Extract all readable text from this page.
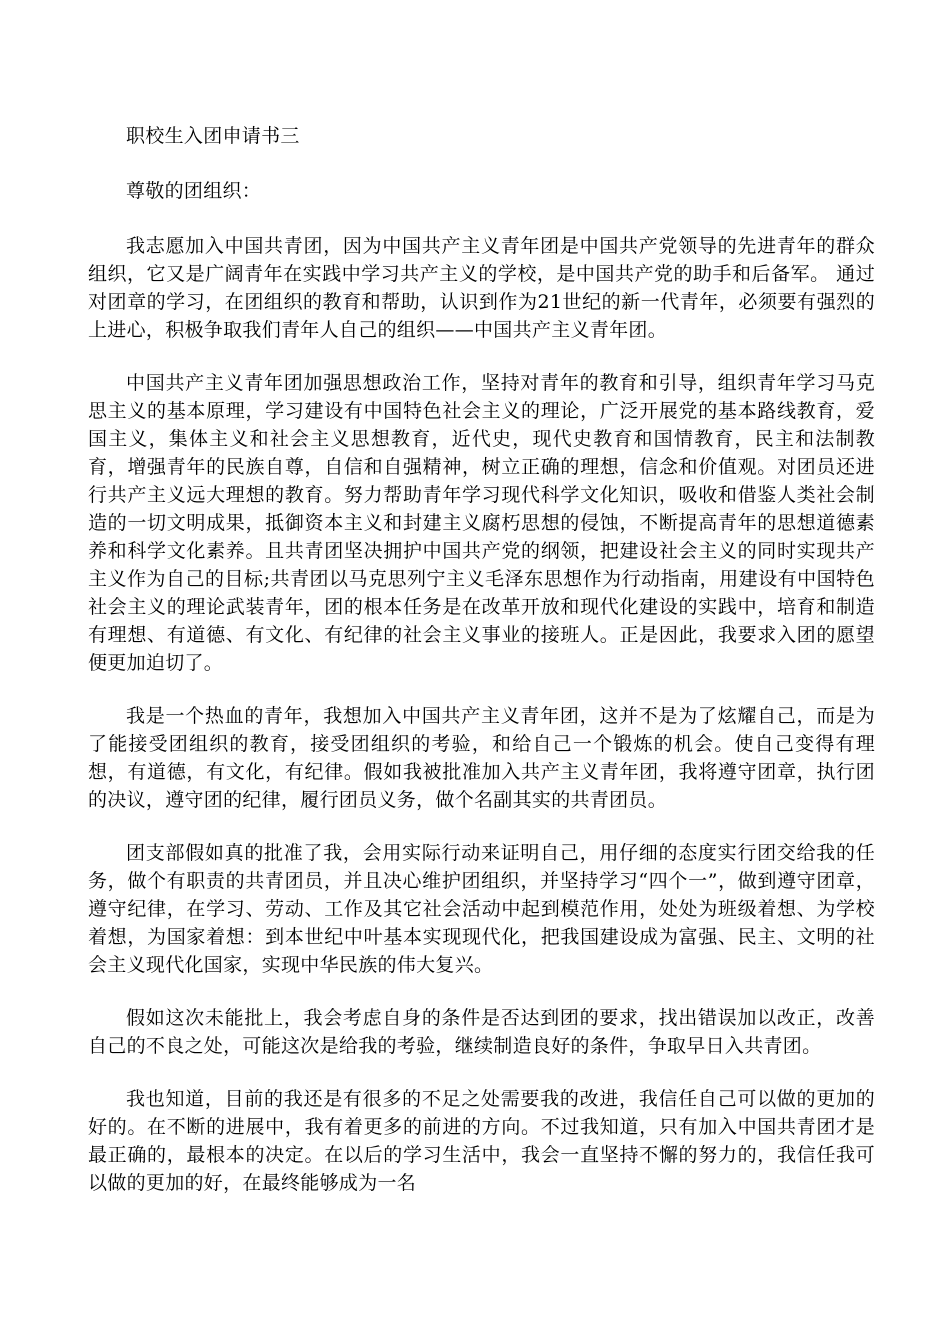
职校生入团申请书三

尊敬的团组织：

我志愿加入中国共青团，因为中国共产主义青年团是中国共产党领导的先进青年的群众组织，它又是广阔青年在实践中学习共产主义的学校，是中国共产党的助手和后备军。 通过对团章的学习，在团组织的教育和帮助，认识到作为21世纪的新一代青年，必须要有强烈的上进心，积极争取我们青年人自己的组织——中国共产主义青年团。

中国共产主义青年团加强思想政治工作，坚持对青年的教育和引导，组织青年学习马克思主义的基本原理，学习建设有中国特色社会主义的理论，广泛开展党的基本路线教育，爱国主义，集体主义和社会主义思想教育，近代史，现代史教育和国情教育，民主和法制教育，增强青年的民族自尊，自信和自强精神，树立正确的理想，信念和价值观。对团员还进行共产主义远大理想的教育。努力帮助青年学习现代科学文化知识，吸收和借鉴人类社会制造的一切文明成果，抵御资本主义和封建主义腐朽思想的侵蚀，不断提高青年的思想道德素养和科学文化素养。且共青团坚决拥护中国共产党的纲领，把建设社会主义的同时实现共产主义作为自己的目标;共青团以马克思列宁主义毛泽东思想作为行动指南，用建设有中国特色社会主义的理论武装青年，团的根本任务是在改革开放和现代化建设的实践中，培育和制造有理想、有道德、有文化、有纪律的社会主义事业的接班人。正是因此，我要求入团的愿望便更加迫切了。

我是一个热血的青年，我想加入中国共产主义青年团，这并不是为了炫耀自己，而是为了能接受团组织的教育，接受团组织的考验，和给自己一个锻炼的机会。使自己变得有理想，有道德，有文化，有纪律。假如我被批准加入共产主义青年团，我将遵守团章，执行团的决议，遵守团的纪律，履行团员义务，做个名副其实的共青团员。

团支部假如真的批准了我，会用实际行动来证明自己，用仔细的态度实行团交给我的任务，做个有职责的共青团员，并且决心维护团组织，并坚持学习“四个一”，做到遵守团章，遵守纪律，在学习、劳动、工作及其它社会活动中起到模范作用，处处为班级着想、为学校着想，为国家着想：到本世纪中叶基本实现现代化，把我国建设成为富强、民主、文明的社会主义现代化国家，实现中华民族的伟大复兴。

假如这次未能批上，我会考虑自身的条件是否达到团的要求，找出错误加以改正，改善自己的不良之处，可能这次是给我的考验，继续制造良好的条件，争取早日入共青团。

我也知道，目前的我还是有很多的不足之处需要我的改进，我信任自己可以做的更加的好的。在不断的进展中，我有着更多的前进的方向。不过我知道，只有加入中国共青团才是最正确的，最根本的决定。在以后的学习生活中，我会一直坚持不懈的努力的，我信任我可以做的更加的好，在最终能够成为一名
